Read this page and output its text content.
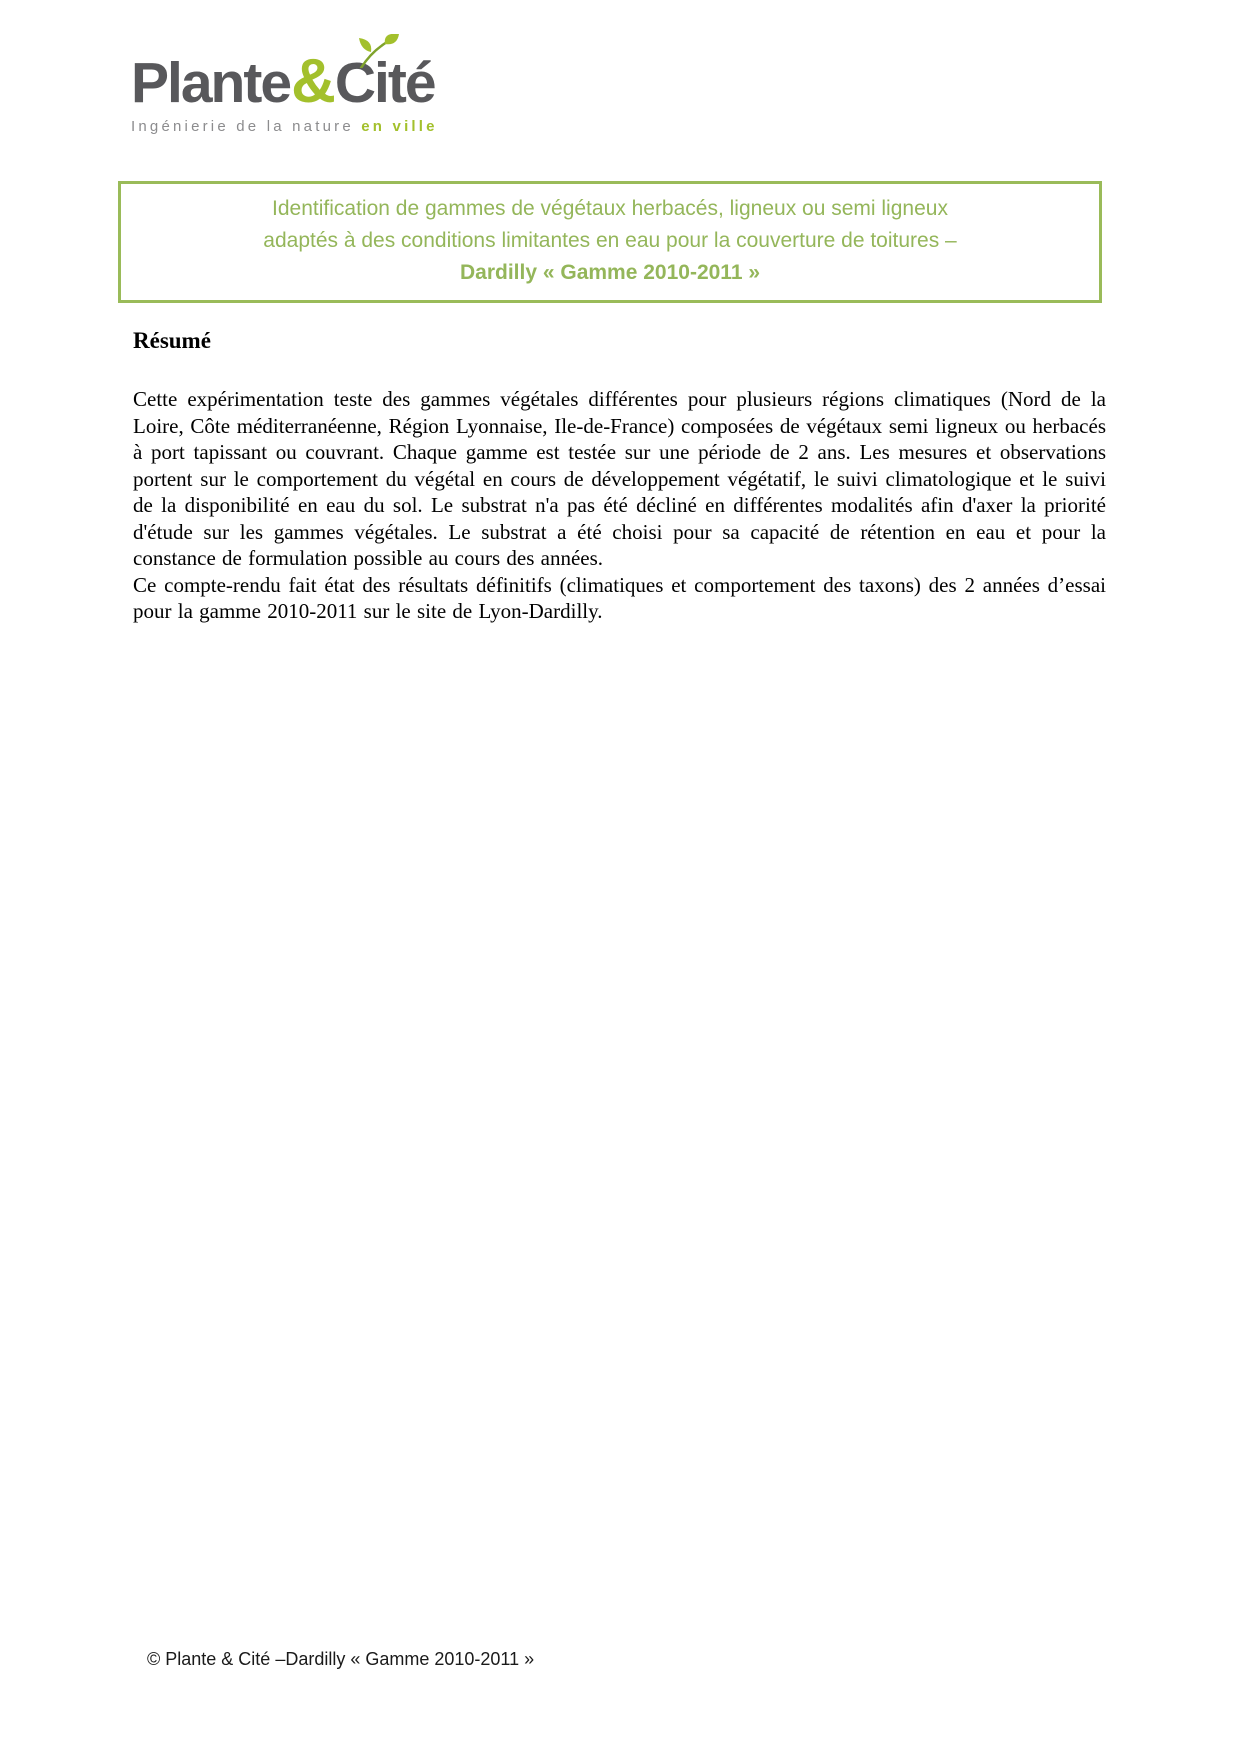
Plante&Cité
Ingénierie de la nature en ville
Identification de gammes de végétaux herbacés, ligneux ou semi ligneux
adaptés à des conditions limitantes en eau pour la couverture de toitures –
Dardilly « Gamme 2010-2011 »
Résumé

Cette expérimentation teste des gammes végétales différentes pour plusieurs régions climatiques (Nord de la Loire, Côte méditerranéenne, Région Lyonnaise, Ile-de-France) composées de végétaux semi ligneux ou herbacés à port tapissant ou couvrant. Chaque gamme est testée sur une période de 2 ans. Les mesures et observations portent sur le comportement du végétal en cours de développement végétatif, le suivi climatologique et le suivi de la disponibilité en eau du sol. Le substrat n'a pas été décliné en différentes modalités afin d'axer la priorité d'étude sur les gammes végétales. Le substrat a été choisi pour sa capacité de rétention en eau et pour la constance de formulation possible au cours des années.

Ce compte-rendu fait état des résultats définitifs (climatiques et comportement des taxons) des 2 années d’essai pour la gamme 2010-2011 sur le site de Lyon-Dardilly.

© Plante & Cité –Dardilly « Gamme 2010-2011 »
